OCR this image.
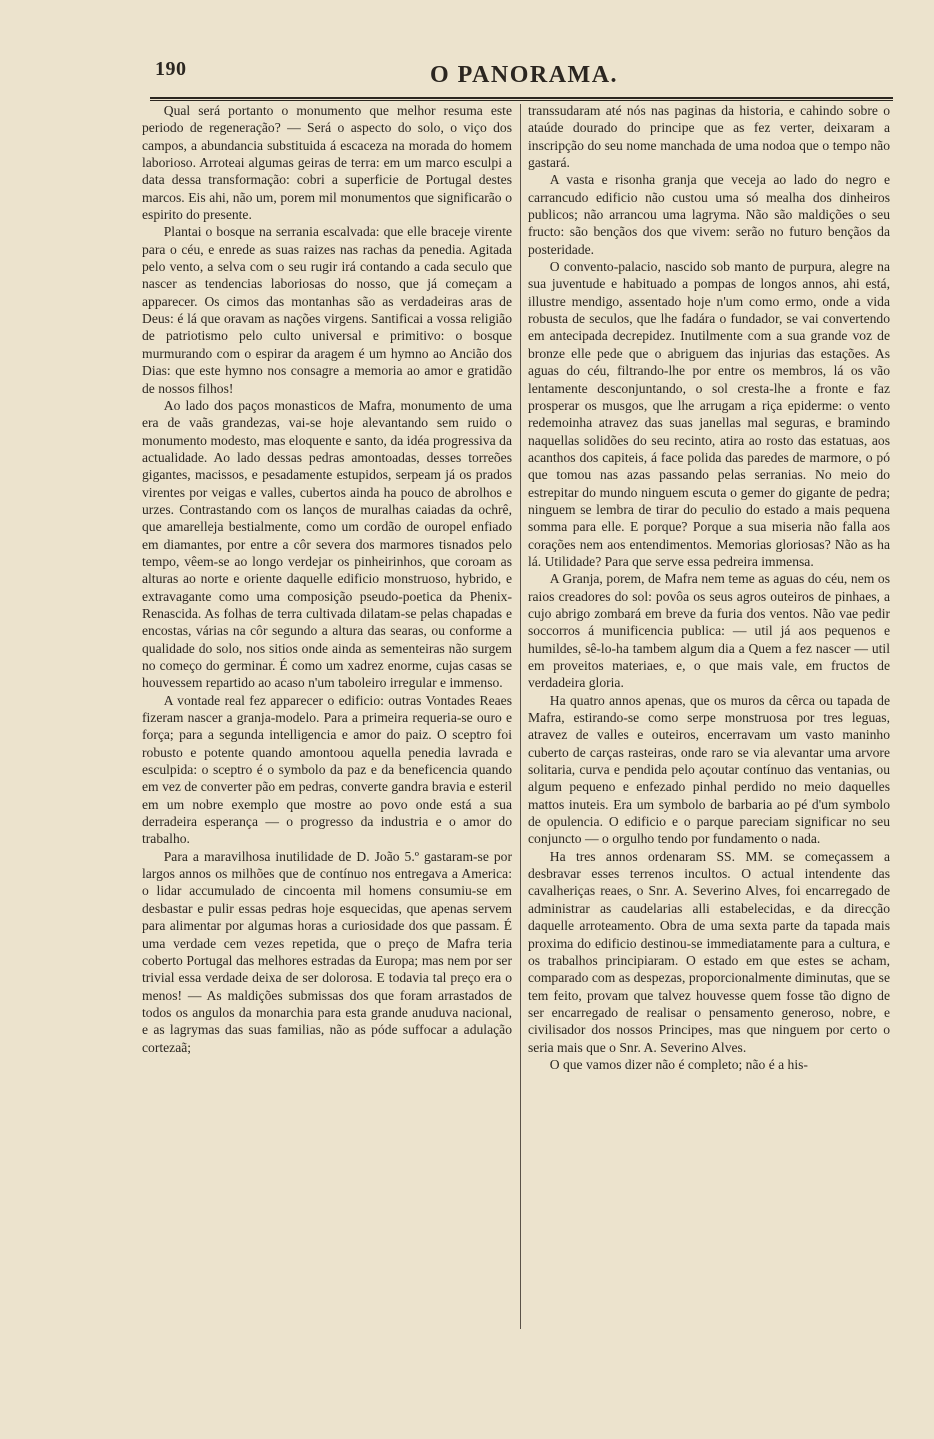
190	O PANORAMA.

Qual será portanto o monumento que melhor resuma este periodo de regeneração? — Será o aspecto do solo, o viço dos campos, a abundancia substituida á escaceza na morada do homem laborioso. Arroteai algumas geiras de terra: em um marco esculpi a data dessa transformação: cobri a superficie de Portugal destes marcos. Eis ahi, não um, porem mil monumentos que significarão o espirito do presente.

Plantai o bosque na serrania escalvada: que elle braceje virente para o céu, e enrede as suas raizes nas rachas da penedia. Agitada pelo vento, a selva com o seu rugir irá contando a cada seculo que nascer as tendencias laboriosas do nosso, que já começam a apparecer. Os cimos das montanhas são as verdadeiras aras de Deus: é lá que oravam as nações virgens. Santificai a vossa religião de patriotismo pelo culto universal e primitivo: o bosque murmurando com o espirar da aragem é um hymno ao Ancião dos Dias: que este hymno nos consagre a memoria ao amor e gratidão de nossos filhos!

Ao lado dos paços monasticos de Mafra, monumento de uma era de vaãs grandezas, vai-se hoje alevantando sem ruido o monumento modesto, mas eloquente e santo, da idéa progressiva da actualidade. Ao lado dessas pedras amontoadas, desses torreões gigantes, macissos, e pesadamente estupidos, serpeam já os prados virentes por veigas e valles, cubertos ainda ha pouco de abrolhos e urzes. Contrastando com os lanços de muralhas caiadas da ochrê, que amarelleja bestialmente, como um cordão de ouropel enfiado em diamantes, por entre a côr severa dos marmores tisnados pelo tempo, vêem-se ao longo verdejar os pinheirinhos, que coroam as alturas ao norte e oriente daquelle edificio monstruoso, hybrido, e extravagante como uma composição pseudo-poetica da Phenix-Renascida. As folhas de terra cultivada dilatam-se pelas chapadas e encostas, várias na côr segundo a altura das searas, ou conforme a qualidade do solo, nos sitios onde ainda as sementeiras não surgem no começo do germinar. É como um xadrez enorme, cujas casas se houvessem repartido ao acaso n'um taboleiro irregular e immenso.

A vontade real fez apparecer o edificio: outras Vontades Reaes fizeram nascer a granja-modelo. Para a primeira requeria-se ouro e força; para a segunda intelligencia e amor do paiz. O sceptro foi robusto e potente quando amontoou aquella penedia lavrada e esculpida: o sceptro é o symbolo da paz e da beneficencia quando em vez de converter pão em pedras, converte gandra bravia e esteril em um nobre exemplo que mostre ao povo onde está a sua derradeira esperança — o progresso da industria e o amor do trabalho.

Para a maravilhosa inutilidade de D. João 5.º gastaram-se por largos annos os milhões que de contínuo nos entregava a America: o lidar accumulado de cincoenta mil homens consumiu-se em desbastar e pulir essas pedras hoje esquecidas, que apenas servem para alimentar por algumas horas a curiosidade dos que passam. É uma verdade cem vezes repetida, que o preço de Mafra teria coberto Portugal das melhores estradas da Europa; mas nem por ser trivial essa verdade deixa de ser dolorosa. E todavia tal preço era o menos! — As maldições submissas dos que foram arrastados de todos os angulos da monarchia para esta grande anuduva nacional, e as lagrymas das suas familias, não as póde suffocar a adulação cortezaã;

transsudaram até nós nas paginas da historia, e cahindo sobre o ataúde dourado do principe que as fez verter, deixaram a inscripção do seu nome manchada de uma nodoa que o tempo não gastará.

A vasta e risonha granja que veceja ao lado do negro e carrancudo edificio não custou uma só mealha dos dinheiros publicos; não arrancou uma lagryma. Não são maldições o seu fructo: são bençãos dos que vivem: serão no futuro bençãos da posteridade.

O convento-palacio, nascido sob manto de purpura, alegre na sua juventude e habituado a pompas de longos annos, ahi está, illustre mendigo, assentado hoje n'um como ermo, onde a vida robusta de seculos, que lhe fadára o fundador, se vai convertendo em antecipada decrepidez. Inutilmente com a sua grande voz de bronze elle pede que o abriguem das injurias das estações. As aguas do céu, filtrando-lhe por entre os membros, lá os vão lentamente desconjuntando, o sol cresta-lhe a fronte e faz prosperar os musgos, que lhe arrugam a riça epiderme: o vento redemoinha atravez das suas janellas mal seguras, e bramindo naquellas solidões do seu recinto, atira ao rosto das estatuas, aos acanthos dos capiteis, á face polida das paredes de marmore, o pó que tomou nas azas passando pelas serranias. No meio do estrepitar do mundo ninguem escuta o gemer do gigante de pedra; ninguem se lembra de tirar do peculio do estado a mais pequena somma para elle. E porque? Porque a sua miseria não falla aos corações nem aos entendimentos. Memorias gloriosas? Não as ha lá. Utilidade? Para que serve essa pedreira immensa.

A Granja, porem, de Mafra nem teme as aguas do céu, nem os raios creadores do sol: povôa os seus agros outeiros de pinhaes, a cujo abrigo zombará em breve da furia dos ventos. Não vae pedir soccorros á munificencia publica: — util já aos pequenos e humildes, sê-lo-ha tambem algum dia a Quem a fez nascer — util em proveitos materiaes, e, o que mais vale, em fructos de verdadeira gloria.

Ha quatro annos apenas, que os muros da cêrca ou tapada de Mafra, estirando-se como serpe monstruosa por tres leguas, atravez de valles e outeiros, encerravam um vasto maninho cuberto de carças rasteiras, onde raro se via alevantar uma arvore solitaria, curva e pendida pelo açoutar contínuo das ventanias, ou algum pequeno e enfezado pinhal perdido no meio daquelles mattos inuteis. Era um symbolo de barbaria ao pé d'um symbolo de opulencia. O edificio e o parque pareciam significar no seu conjuncto — o orgulho tendo por fundamento o nada.

Ha tres annos ordenaram SS. MM. se começassem a desbravar esses terrenos incultos. O actual intendente das cavalheriças reaes, o Snr. A. Severino Alves, foi encarregado de administrar as caudelarias alli estabelecidas, e da direcção daquelle arroteamento. Obra de uma sexta parte da tapada mais proxima do edificio destinou-se immediatamente para a cultura, e os trabalhos principiaram. O estado em que estes se acham, comparado com as despezas, proporcionalmente diminutas, que se tem feito, provam que talvez houvesse quem fosse tão digno de ser encarregado de realisar o pensamento generoso, nobre, e civilisador dos nossos Principes, mas que ninguem por certo o seria mais que o Snr. A. Severino Alves.

O que vamos dizer não é completo; não é a his-
